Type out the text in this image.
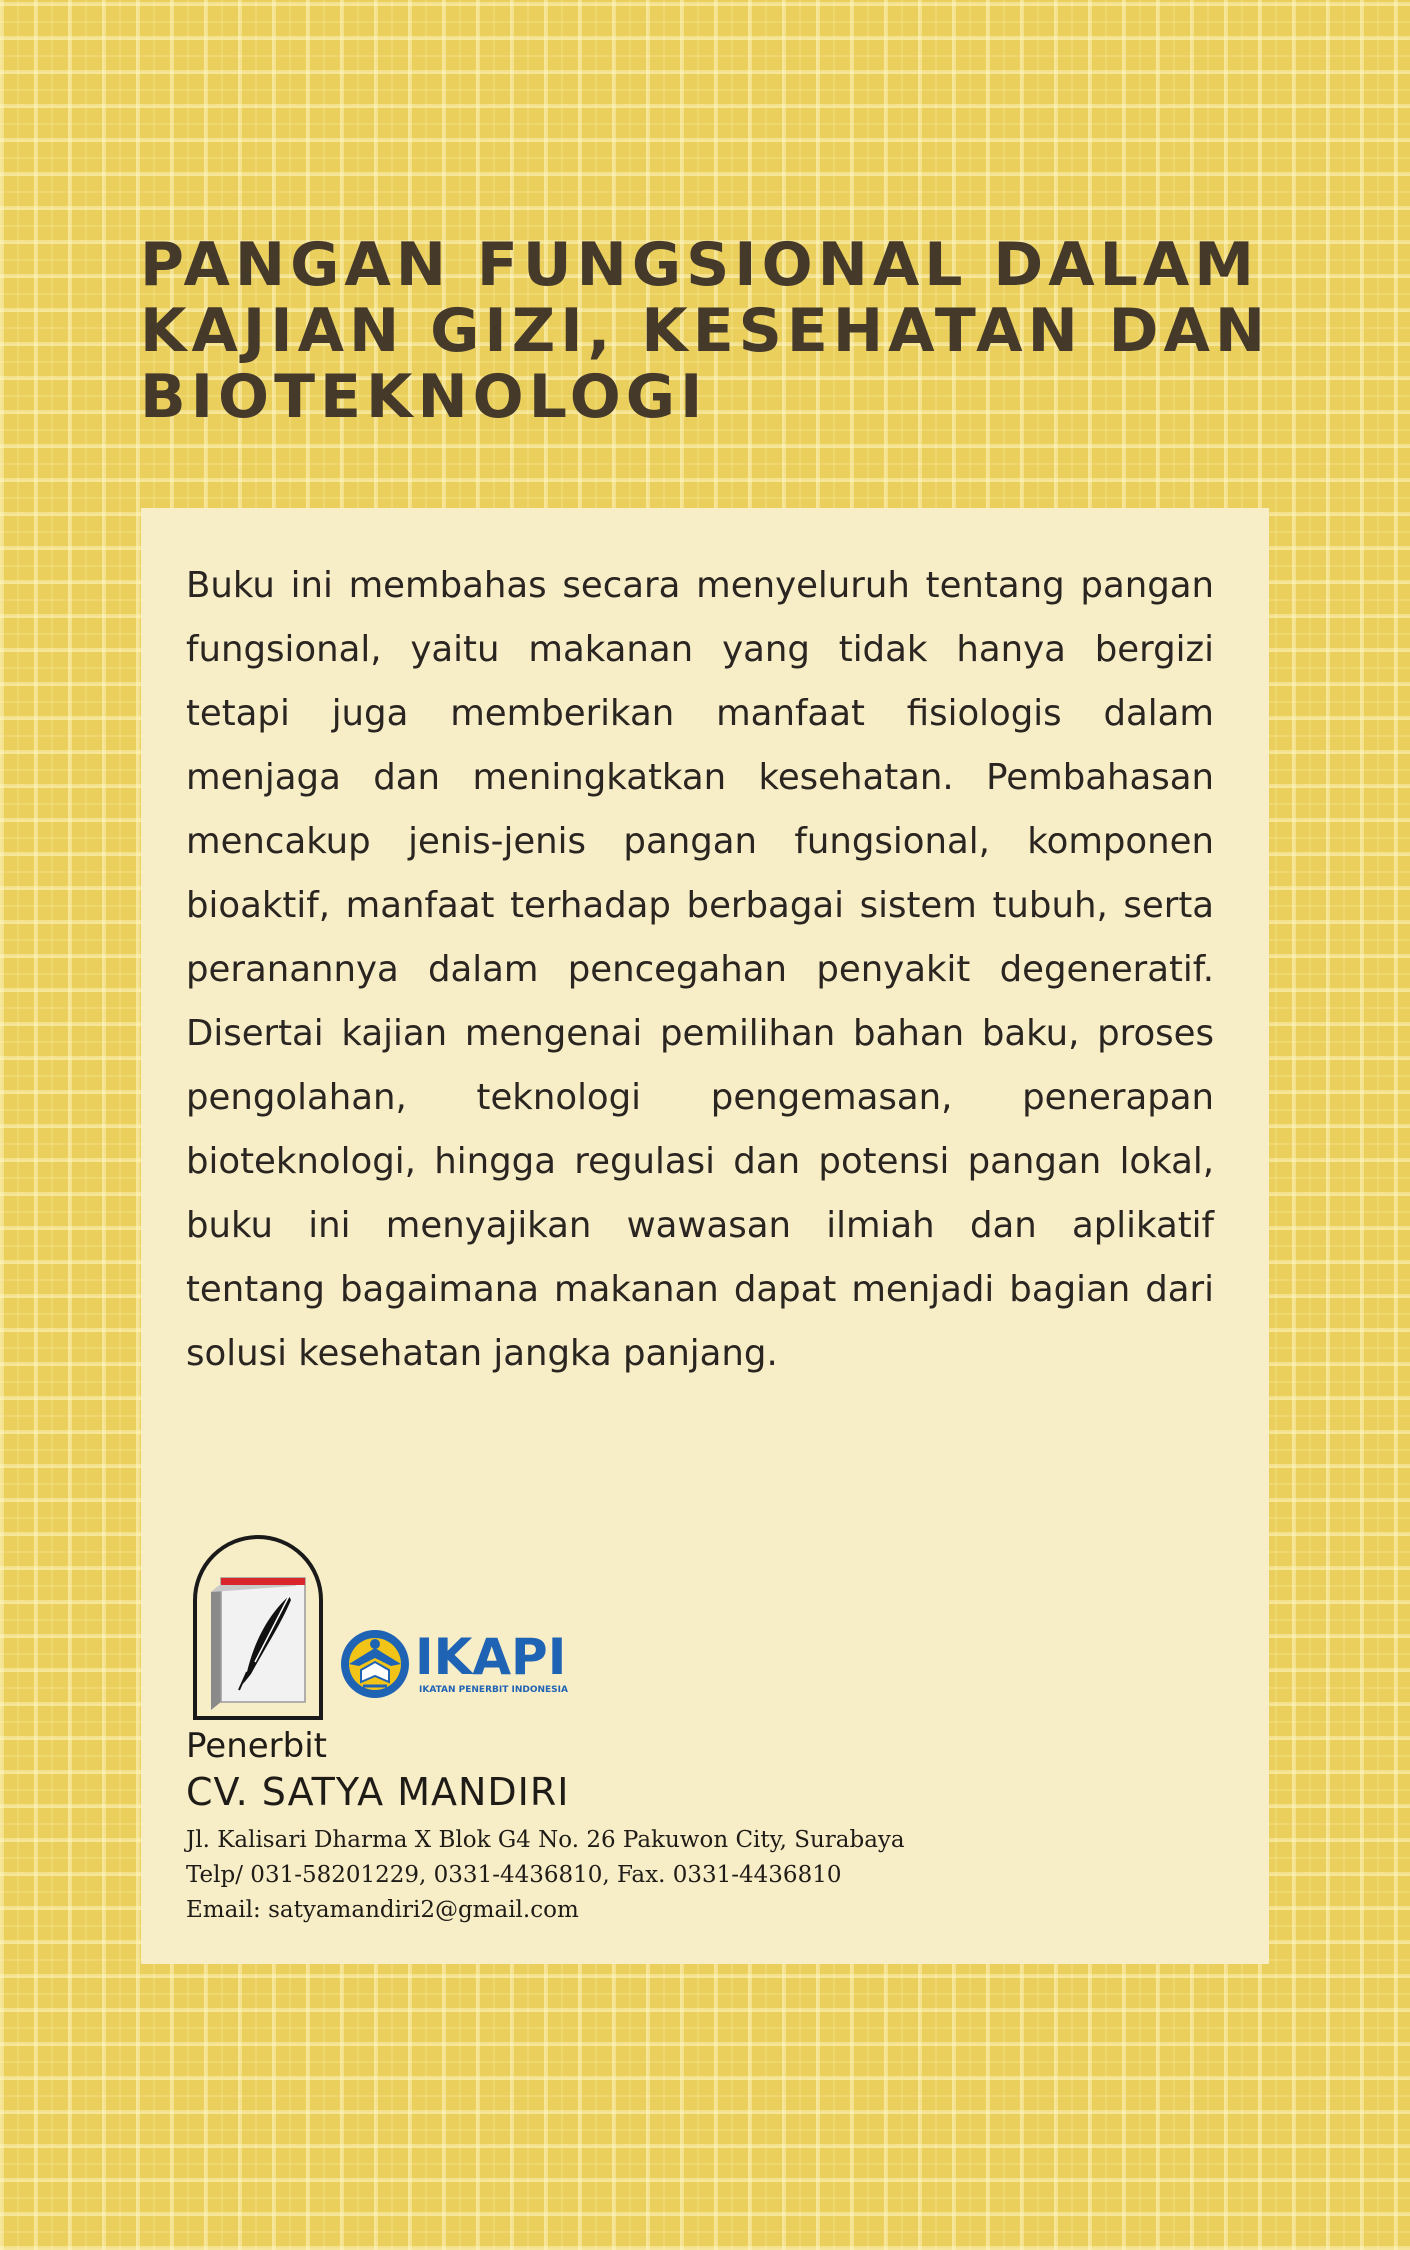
PANGAN FUNGSIONAL DALAM
KAJIAN GIZI, KESEHATAN DAN
BIOTEKNOLOGI

Buku ini membahas secara menyeluruh tentang pangan fungsional, yaitu makanan yang tidak hanya bergizi tetapi juga memberikan manfaat fisiologis dalam menjaga dan meningkatkan kesehatan. Pembahasan mencakup jenis-jenis pangan fungsional, komponen bioaktif, manfaat terhadap berbagai sistem tubuh, serta peranannya dalam pencegahan penyakit degeneratif. Disertai kajian mengenai pemilihan bahan baku, proses pengolahan, teknologi pengemasan, penerapan bioteknologi, hingga regulasi dan potensi pangan lokal, buku ini menyajikan wawasan ilmiah dan aplikatif tentang bagaimana makanan dapat menjadi bagian dari solusi kesehatan jangka panjang.

IKAPI
IKATAN PENERBIT INDONESIA
Penerbit
CV. SATYA MANDIRI
Jl. Kalisari Dharma X Blok G4 No. 26 Pakuwon City, Surabaya
Telp/ 031-58201229, 0331-4436810, Fax. 0331-4436810
Email: satyamandiri2@gmail.com
